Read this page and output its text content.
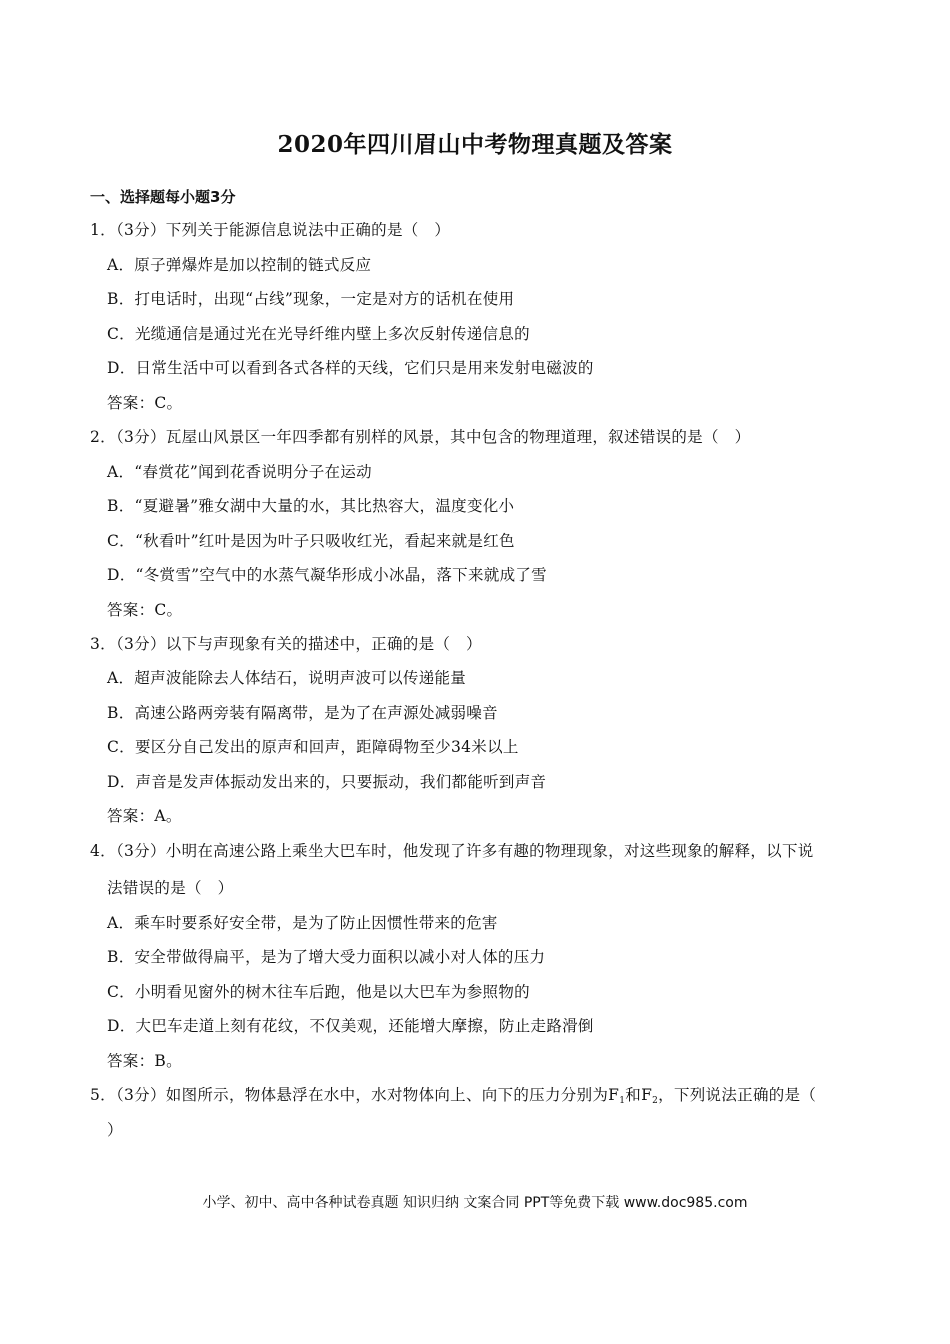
2020年四川眉山中考物理真题及答案
一、选择题每小题3分
1．（3分）下列关于能源信息说法中正确的是（　）
A．原子弹爆炸是加以控制的链式反应
B．打电话时，出现“占线”现象，一定是对方的话机在使用
C．光缆通信是通过光在光导纤维内壁上多次反射传递信息的
D．日常生活中可以看到各式各样的天线，它们只是用来发射电磁波的
答案：C。
2．（3分）瓦屋山风景区一年四季都有别样的风景，其中包含的物理道理，叙述错误的是（　）
A．“春赏花”闻到花香说明分子在运动
B．“夏避暑”雅女湖中大量的水，其比热容大，温度变化小
C．“秋看叶”红叶是因为叶子只吸收红光，看起来就是红色
D．“冬赏雪”空气中的水蒸气凝华形成小冰晶，落下来就成了雪
答案：C。
3．（3分）以下与声现象有关的描述中，正确的是（　）
A．超声波能除去人体结石，说明声波可以传递能量
B．高速公路两旁装有隔离带，是为了在声源处减弱噪音
C．要区分自己发出的原声和回声，距障碍物至少34米以上
D．声音是发声体振动发出来的，只要振动，我们都能听到声音
答案：A。
4．（3分）小明在高速公路上乘坐大巴车时，他发现了许多有趣的物理现象，对这些现象的解释，以下说
法错误的是（　）
A．乘车时要系好安全带，是为了防止因惯性带来的危害
B．安全带做得扁平，是为了增大受力面积以减小对人体的压力
C．小明看见窗外的树木往车后跑，他是以大巴车为参照物的
D．大巴车走道上刻有花纹，不仅美观，还能增大摩擦，防止走路滑倒
答案：B。
5．（3分）如图所示，物体悬浮在水中，水对物体向上、向下的压力分别为$F_1$和$F_2$，下列说法正确的是（
）
小学、初中、高中各种试卷真题 知识归纳 文案合同 PPT等免费下载 www.doc985.com
